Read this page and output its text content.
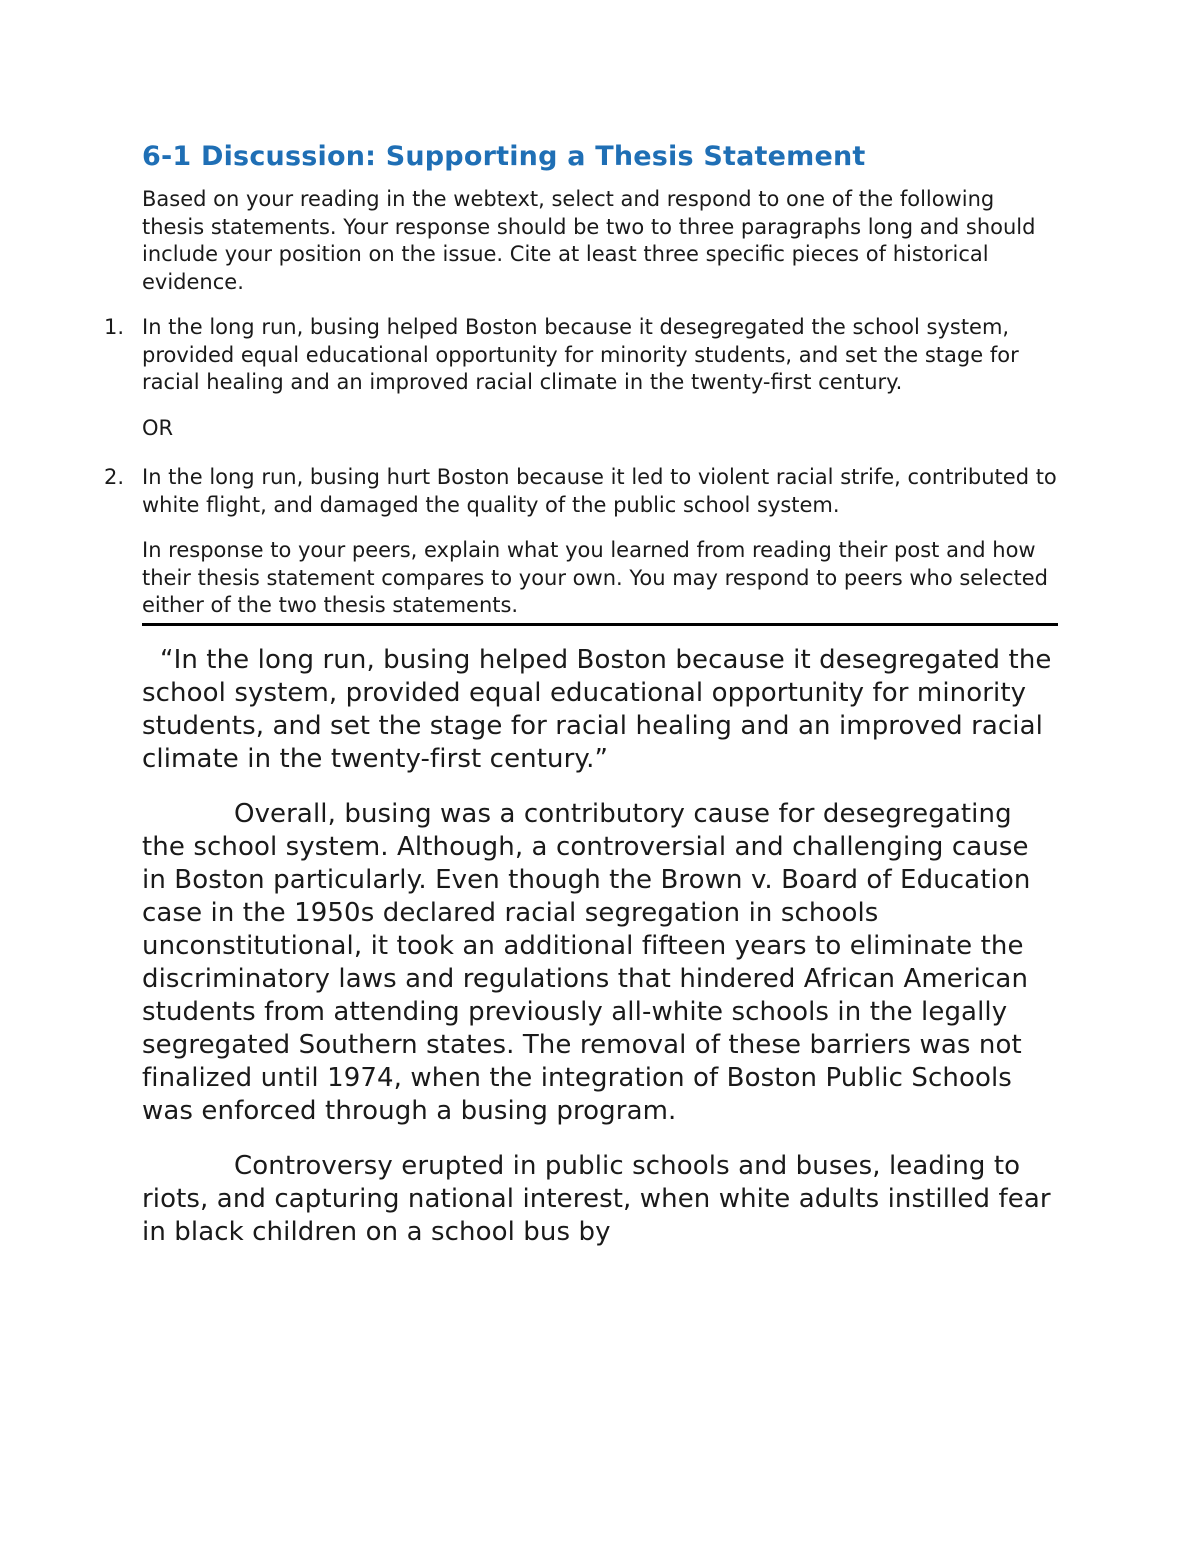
6-1 Discussion: Supporting a Thesis Statement

Based on your reading in the webtext, select and respond to one of the following thesis statements. Your response should be two to three paragraphs long and should include your position on the issue. Cite at least three specific pieces of historical evidence.

1. In the long run, busing helped Boston because it desegregated the school system, provided equal educational opportunity for minority students, and set the stage for racial healing and an improved racial climate in the twenty-first century.
OR
2. In the long run, busing hurt Boston because it led to violent racial strife, contributed to white flight, and damaged the quality of the public school system.

In response to your peers, explain what you learned from reading their post and how their thesis statement compares to your own. You may respond to peers who selected either of the two thesis statements.

“In the long run, busing helped Boston because it desegregated the school system, provided equal educational opportunity for minority students, and set the stage for racial healing and an improved racial climate in the twenty-first century.”

Overall, busing was a contributory cause for desegregating the school system. Although, a controversial and challenging cause in Boston particularly. Even though the Brown v. Board of Education case in the 1950s declared racial segregation in schools unconstitutional, it took an additional fifteen years to eliminate the discriminatory laws and regulations that hindered African American students from attending previously all-white schools in the legally segregated Southern states. The removal of these barriers was not finalized until 1974, when the integration of Boston Public Schools was enforced through a busing program.

Controversy erupted in public schools and buses, leading to riots, and capturing national interest, when white adults instilled fear in black children on a school bus by
